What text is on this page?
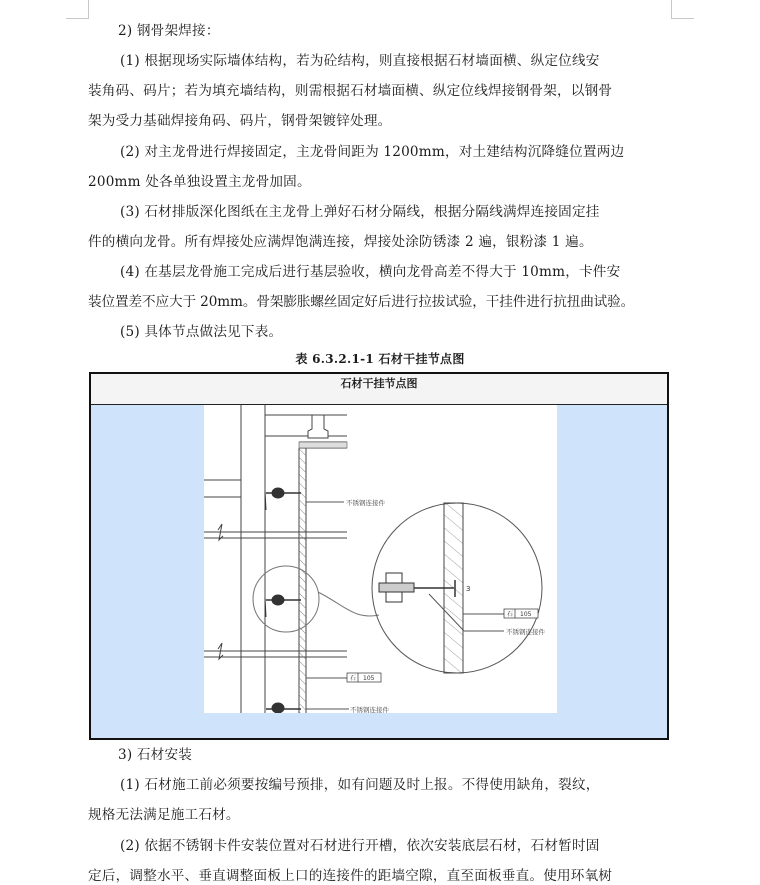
2) 钢骨架焊接：
(1) 根据现场实际墙体结构，若为砼结构，则直接根据石材墙面横、纵定位线安
装角码、码片；若为填充墙结构，则需根据石材墙面横、纵定位线焊接钢骨架，以钢骨
架为受力基础焊接角码、码片，钢骨架镀锌处理。
(2) 对主龙骨进行焊接固定，主龙骨间距为 1200mm，对土建结构沉降缝位置两边
200mm 处各单独设置主龙骨加固。
(3) 石材排版深化图纸在主龙骨上弹好石材分隔线，根据分隔线满焊连接固定挂
件的横向龙骨。所有焊接处应满焊饱满连接，焊接处涂防锈漆 2 遍，银粉漆 1 遍。
(4) 在基层龙骨施工完成后进行基层验收，横向龙骨高差不得大于 10mm，卡件安
装位置差不应大于 20mm。骨架膨胀螺丝固定好后进行拉拔试验，干挂件进行抗扭曲试验。
(5) 具体节点做法见下表。
表 6.3.2.1-1 石材干挂节点图
石材干挂节点图
3
不锈钢连接件
石 105
不锈钢连接件
石 105
不锈钢连接件
3) 石材安装
(1) 石材施工前必须要按编号预排，如有问题及时上报。不得使用缺角，裂纹，
规格无法满足施工石材。
(2) 依据不锈钢卡件安装位置对石材进行开槽，依次安装底层石材，石材暂时固
定后，调整水平、垂直调整面板上口的连接件的距墙空隙，直至面板垂直。使用环氧树
